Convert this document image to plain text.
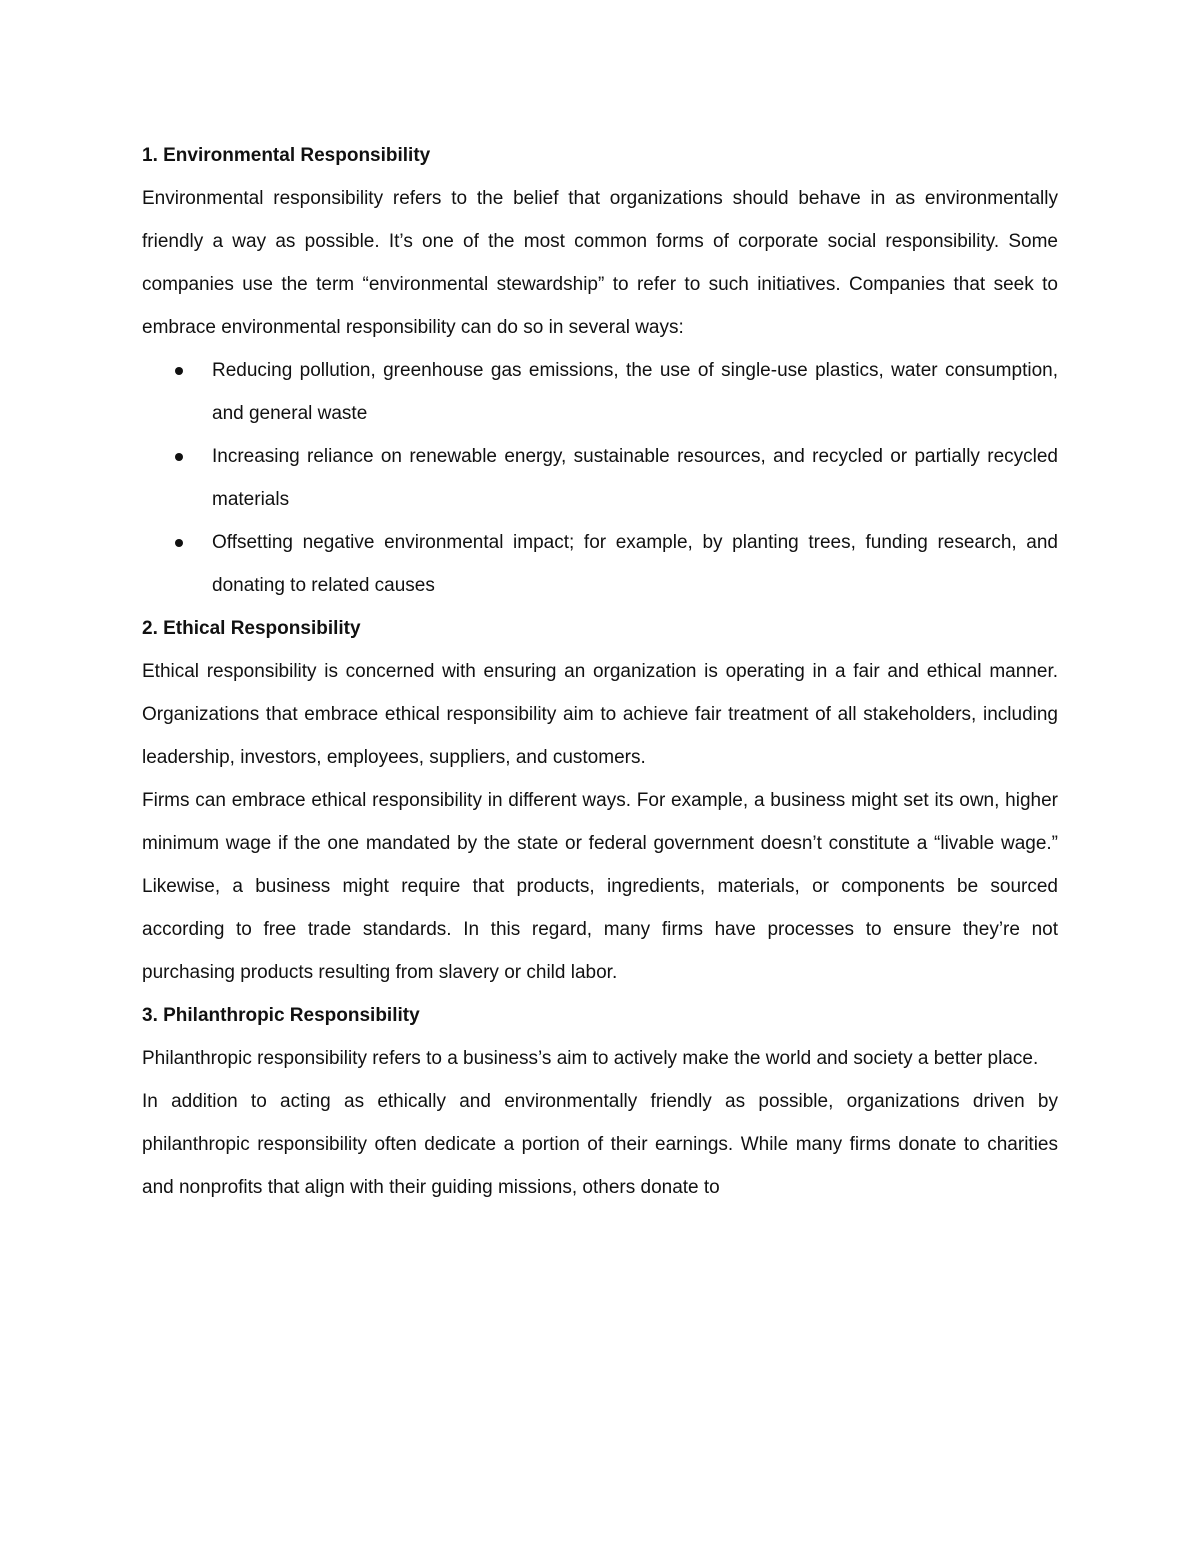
1. Environmental Responsibility

Environmental responsibility refers to the belief that organizations should behave in as environmentally friendly a way as possible. It’s one of the most common forms of corporate social responsibility. Some companies use the term “environmental stewardship” to refer to such initiatives. Companies that seek to embrace environmental responsibility can do so in several ways:

Reducing pollution, greenhouse gas emissions, the use of single-use plastics, water consumption, and general waste
Increasing reliance on renewable energy, sustainable resources, and recycled or partially recycled materials
Offsetting negative environmental impact; for example, by planting trees, funding research, and donating to related causes

2. Ethical Responsibility

Ethical responsibility is concerned with ensuring an organization is operating in a fair and ethical manner. Organizations that embrace ethical responsibility aim to achieve fair treatment of all stakeholders, including leadership, investors, employees, suppliers, and customers.

Firms can embrace ethical responsibility in different ways. For example, a business might set its own, higher minimum wage if the one mandated by the state or federal government doesn’t constitute a “livable wage.” Likewise, a business might require that products, ingredients, materials, or components be sourced according to free trade standards. In this regard, many firms have processes to ensure they’re not purchasing products resulting from slavery or child labor.

3. Philanthropic Responsibility

Philanthropic responsibility refers to a business’s aim to actively make the world and society a better place.

In addition to acting as ethically and environmentally friendly as possible, organizations driven by philanthropic responsibility often dedicate a portion of their earnings. While many firms donate to charities and nonprofits that align with their guiding missions, others donate to
